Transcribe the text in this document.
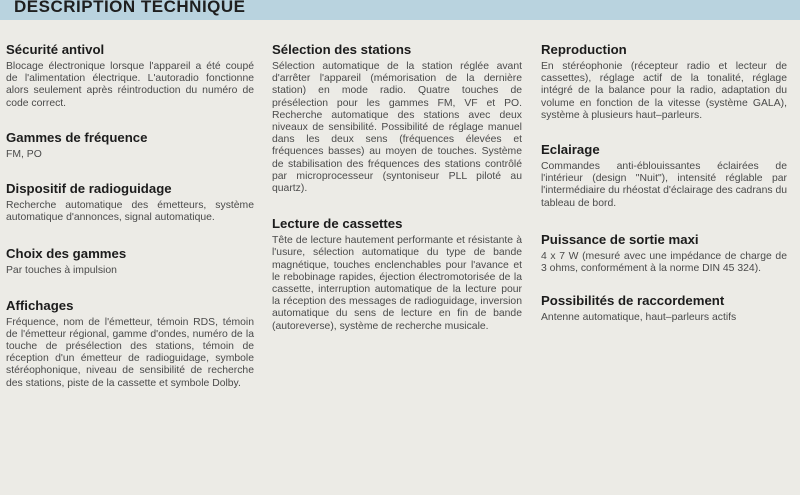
DESCRIPTION TECHNIQUE
Sécurité antivol

Blocage électronique lorsque l'appareil a été coupé de l'alimentation électrique. L'autoradio fonctionne alors seulement après réintroduction du numéro de code correct.

Gammes de fréquence

FM, PO

Dispositif de radioguidage

Recherche automatique des émetteurs, système automatique d'annonces, signal automatique.

Choix des gammes

Par touches à impulsion

Affichages

Fréquence, nom de l'émetteur, témoin RDS, témoin de l'émetteur régional, gamme d'ondes, numéro de la touche de présélection des stations, témoin de réception d'un émetteur de radioguidage, symbole stéréophonique, niveau de sensibilité de recherche des stations, piste de la cassette et symbole Dolby.

Sélection des stations

Sélection automatique de la station réglée avant d'arrêter l'appareil (mémorisation de la dernière station) en mode radio. Quatre touches de présélection pour les gammes FM, VF et PO. Recherche automatique des stations avec deux niveaux de sensibilité. Possibilité de réglage manuel dans les deux sens (fréquences élevées et fréquences basses) au moyen de touches. Système de stabilisation des fréquences des stations contrôlé par microprocesseur (syntoniseur PLL piloté au quartz).

Lecture de cassettes

Tête de lecture hautement performante et résistante à l'usure, sélection automatique du type de bande magnétique, touches enclenchables pour l'avance et le rebobinage rapides, éjection électromotorisée de la cassette, interruption automatique de la lecture pour la réception des messages de radioguidage, inversion automatique du sens de lecture en fin de bande (autoreverse), système de recherche musicale.

Reproduction

En stéréophonie (récepteur radio et lecteur de cassettes), réglage actif de la tonalité, réglage intégré de la balance pour la radio, adaptation du volume en fonction de la vitesse (système GALA), système à plusieurs haut–parleurs.

Eclairage

Commandes anti-éblouissantes éclairées de l'intérieur (design "Nuit"), intensité réglable par l'intermédiaire du rhéostat d'éclairage des cadrans du tableau de bord.

Puissance de sortie maxi

4 x 7 W (mesuré avec une impédance de charge de 3 ohms, conformément à la norme DIN 45 324).

Possibilités de raccordement

Antenne automatique, haut–parleurs actifs
